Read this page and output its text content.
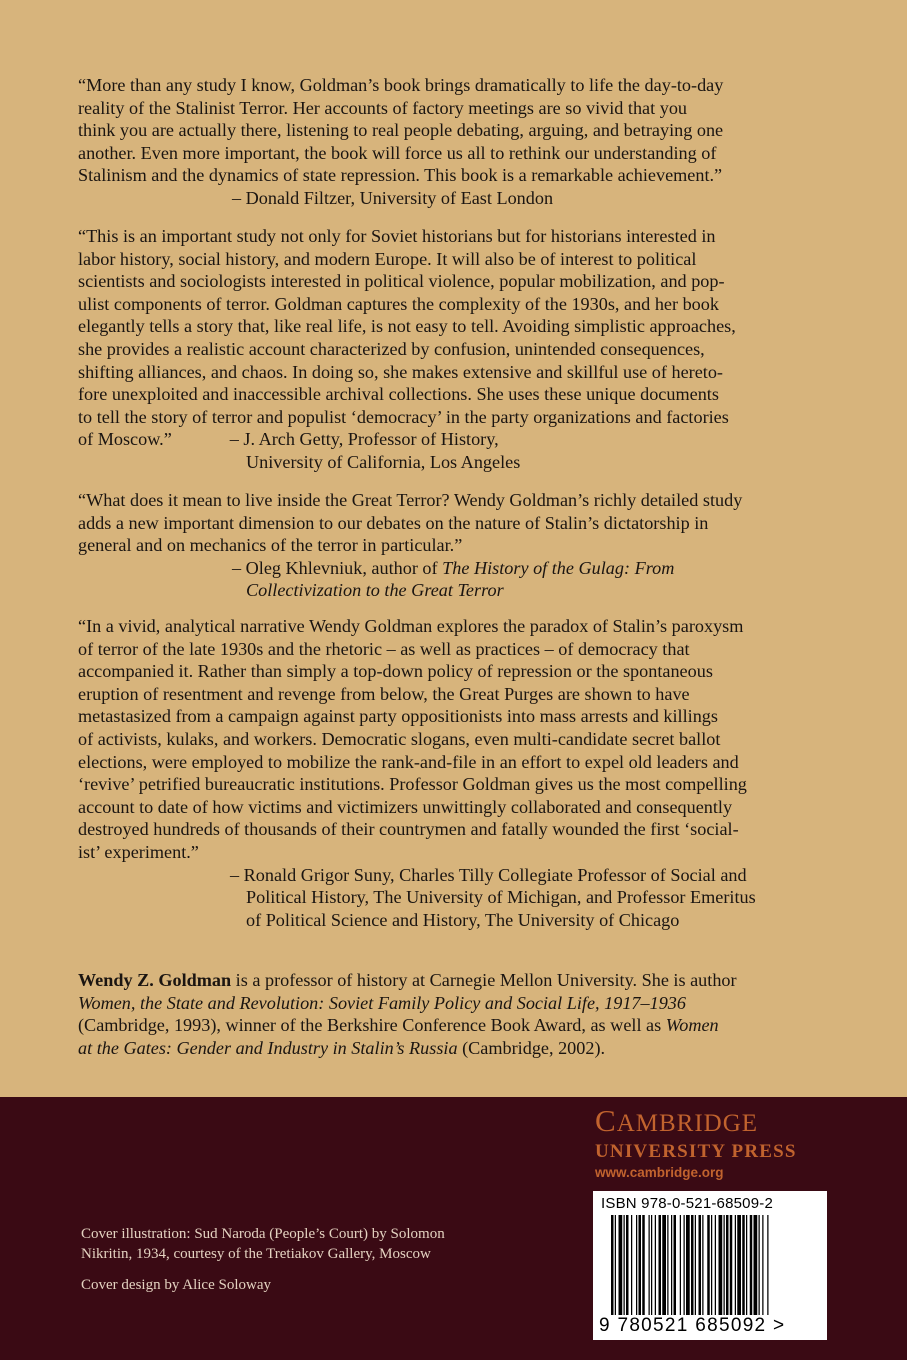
“More than any study I know, Goldman’s book brings dramatically to life the day-to-day

reality of the Stalinist Terror. Her accounts of factory meetings are so vivid that you

think you are actually there, listening to real people debating, arguing, and betraying one

another. Even more important, the book will force us all to rethink our understanding of

Stalinism and the dynamics of state repression. This book is a remarkable achievement.”

– Donald Filtzer, University of East London

“This is an important study not only for Soviet historians but for historians interested in

labor history, social history, and modern Europe. It will also be of interest to political

scientists and sociologists interested in political violence, popular mobilization, and pop-

ulist components of terror. Goldman captures the complexity of the 1930s, and her book

elegantly tells a story that, like real life, is not easy to tell. Avoiding simplistic approaches,

she provides a realistic account characterized by confusion, unintended consequences,

shifting alliances, and chaos. In doing so, she makes extensive and skillful use of hereto-

fore unexploited and inaccessible archival collections. She uses these unique documents

to tell the story of terror and populist ‘democracy’ in the party organizations and factories

of Moscow.”	– J. Arch Getty, Professor of History,

University of California, Los Angeles

“What does it mean to live inside the Great Terror? Wendy Goldman’s richly detailed study

adds a new important dimension to our debates on the nature of Stalin’s dictatorship in

general and on mechanics of the terror in particular.”

– Oleg Khlevniuk, author of The History of the Gulag: From

Collectivization to the Great Terror

“In a vivid, analytical narrative Wendy Goldman explores the paradox of Stalin’s paroxysm

of terror of the late 1930s and the rhetoric – as well as practices – of democracy that

accompanied it. Rather than simply a top-down policy of repression or the spontaneous

eruption of resentment and revenge from below, the Great Purges are shown to have

metastasized from a campaign against party oppositionists into mass arrests and killings

of activists, kulaks, and workers. Democratic slogans, even multi-candidate secret ballot

elections, were employed to mobilize the rank-and-file in an effort to expel old leaders and

‘revive’ petrified bureaucratic institutions. Professor Goldman gives us the most compelling

account to date of how victims and victimizers unwittingly collaborated and consequently

destroyed hundreds of thousands of their countrymen and fatally wounded the first ‘social-

ist’ experiment.”

– Ronald Grigor Suny, Charles Tilly Collegiate Professor of Social and

Political History, The University of Michigan, and Professor Emeritus

of Political Science and History, The University of Chicago

Wendy Z. Goldman is a professor of history at Carnegie Mellon University. She is author

Women, the State and Revolution: Soviet Family Policy and Social Life, 1917–1936

(Cambridge, 1993), winner of the Berkshire Conference Book Award, as well as Women

at the Gates: Gender and Industry in Stalin’s Russia (Cambridge, 2002).

CAMBRIDGE
UNIVERSITY PRESS
www.cambridge.org
ISBN 978-0-521-68509-2
9 780521 685092 >

Cover illustration: Sud Naroda (People’s Court) by Solomon

Nikritin, 1934, courtesy of the Tretiakov Gallery, Moscow

Cover design by Alice Soloway
